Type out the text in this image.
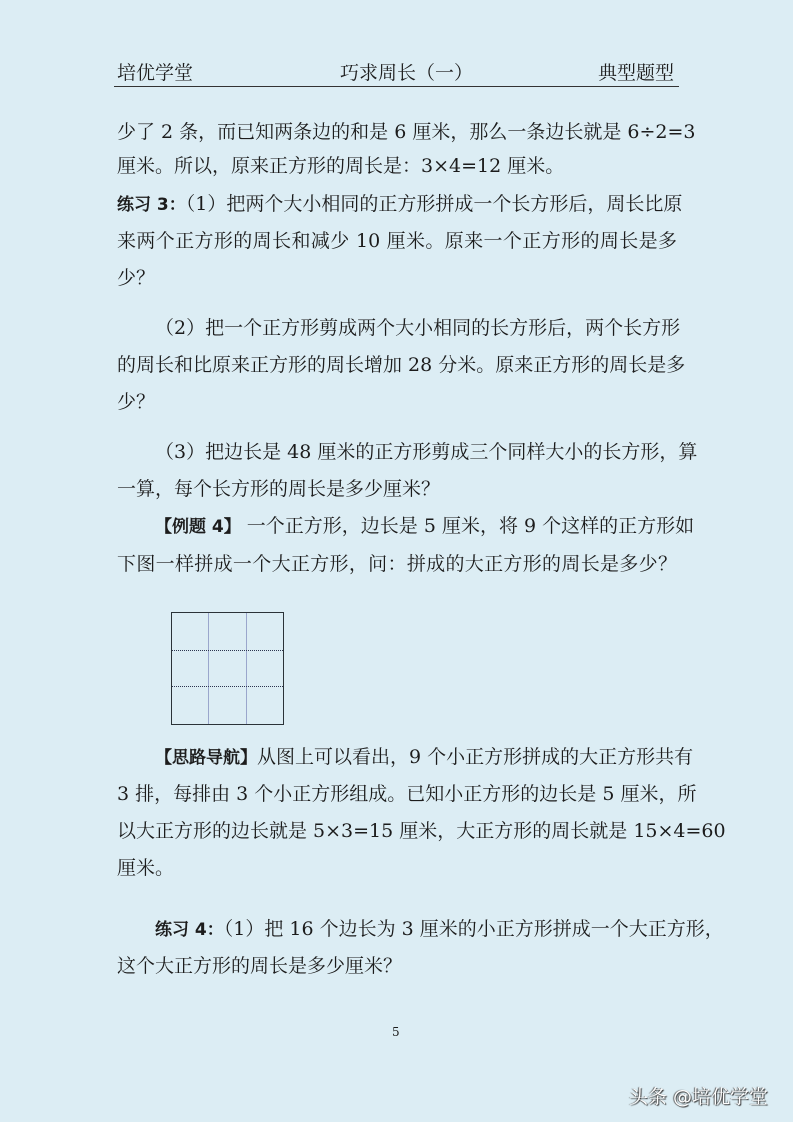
培优学堂	巧求周长（一）	典型题型
少了 2 条，而已知两条边的和是 6 厘米，那么一条边长就是 6÷2=3
厘米。所以，原来正方形的周长是：3×4=12 厘米。
练习 3：（1）把两个大小相同的正方形拼成一个长方形后，周长比原
来两个正方形的周长和减少 10 厘米。原来一个正方形的周长是多
少？
（2）把一个正方形剪成两个大小相同的长方形后，两个长方形
的周长和比原来正方形的周长增加 28 分米。原来正方形的周长是多
少？
（3）把边长是 48 厘米的正方形剪成三个同样大小的长方形，算
一算，每个长方形的周长是多少厘米？
【例题 4】 一个正方形，边长是 5 厘米，将 9 个这样的正方形如
下图一样拼成一个大正方形，问：拼成的大正方形的周长是多少？
【思路导航】从图上可以看出，9 个小正方形拼成的大正方形共有
3 排，每排由 3 个小正方形组成。已知小正方形的边长是 5 厘米，所
以大正方形的边长就是 5×3=15 厘米，大正方形的周长就是 15×4=60
厘米。
练习 4：（1）把 16 个边长为 3 厘米的小正方形拼成一个大正方形，
这个大正方形的周长是多少厘米？
5
头条 @培优学堂
